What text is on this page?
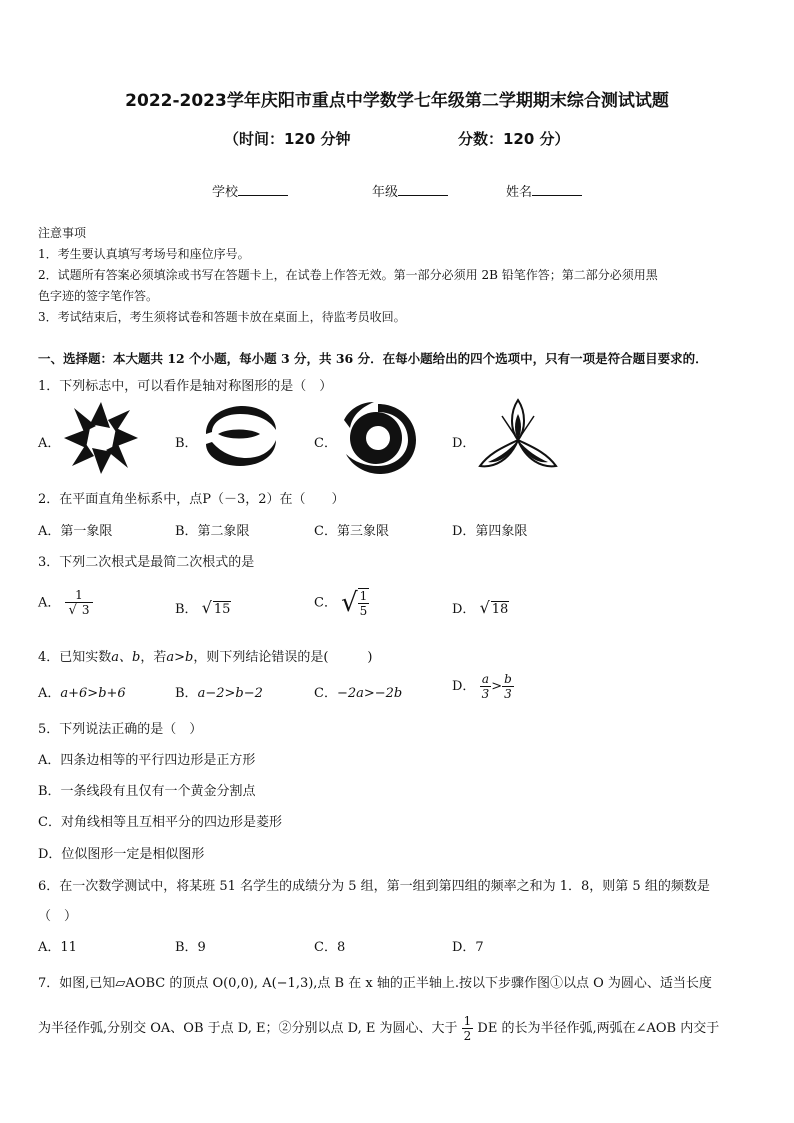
2022-2023学年庆阳市重点中学数学七年级第二学期期末综合测试试题
（时间：120 分钟	分数：120 分）
学校	年级	姓名
注意事项
1．考生要认真填写考场号和座位序号。
2．试题所有答案必须填涂或书写在答题卡上，在试卷上作答无效。第一部分必须用 2B 铅笔作答；第二部分必须用黑
色字迹的签字笔作答。
3．考试结束后，考生须将试卷和答题卡放在桌面上，待监考员收回。
一、选择题：本大题共 12 个小题，每小题 3 分，共 36 分．在每小题给出的四个选项中，只有一项是符合题目要求的．
1．下列标志中，可以看作是轴对称图形的是（　）
A．	B．	C．	D．
2．在平面直角坐标系中，点P（－3，2）在（　　）
A．第一象限	B．第二象限	C．第三象限	D．第四象限
3．下列二次根式是最简二次根式的是
A． $\frac{1}{√ 3}$	B． √ 15	C． √ $\frac{1}{5}$	D． √ 18
4．已知实数a、b，若a>b，则下列结论错误的是(　　　)
A．a+6>b+6	B．a−2>b−2	C．−2a>−2b	D． $\frac{a}{3} > \frac{b}{3}$
5．下列说法正确的是（　）
A．四条边相等的平行四边形是正方形
B．一条线段有且仅有一个黄金分割点
C．对角线相等且互相平分的四边形是菱形
D．位似图形一定是相似图形
6．在一次数学测试中，将某班 51 名学生的成绩分为 5 组，第一组到第四组的频率之和为 1．8，则第 5 组的频数是
（　）
A．11	B．9	C．8	D．7
7．如图,已知▱AOBC 的顶点 O(0,0), A(−1,3),点 B 在 x 轴的正半轴上.按以下步骤作图①以点 O 为圆心、适当长度
为半径作弧,分别交 OA、OB 于点 D, E；②分别以点 D, E 为圆心、大于 $\frac{1}{2}$ DE 的长为半径作弧,两弧在∠AOB 内交于
